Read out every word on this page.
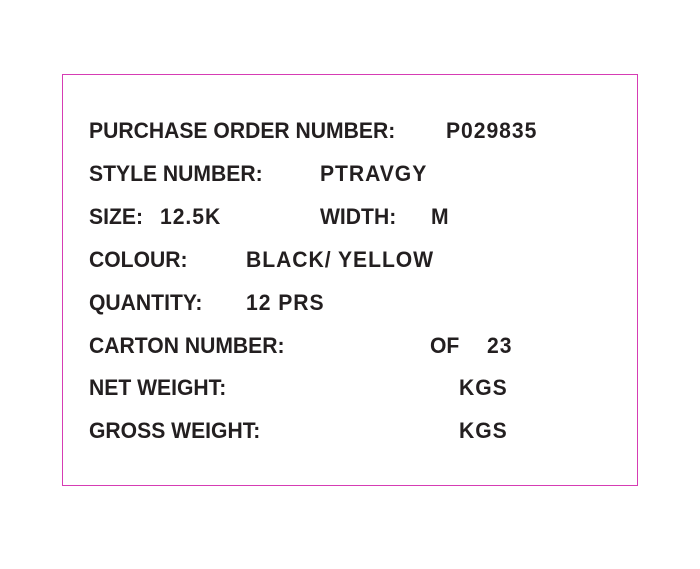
PURCHASE ORDER NUMBER: P029835
STYLE NUMBER:	PTRAVGY
SIZE: 12.5K	WIDTH: M
COLOUR:	BLACK/ YELLOW
QUANTITY: 12 PRS
CARTON NUMBER:	OF 23
NET WEIGHT:	KGS
GROSS WEIGHT:	KGS
